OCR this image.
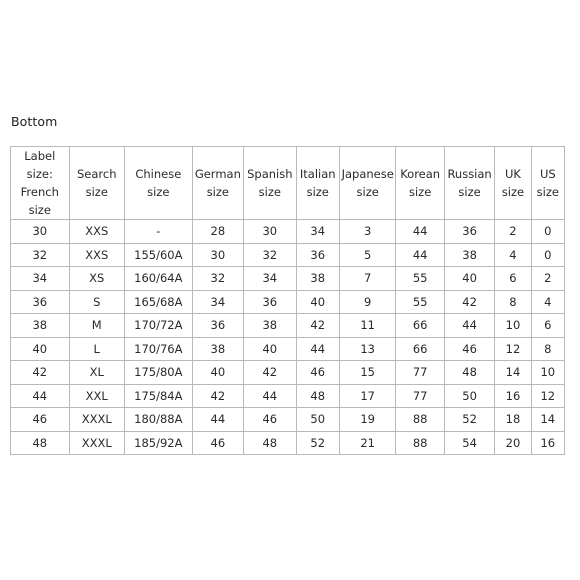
Bottom
Label size: French size	Search size	Chinese size	German size	Spanish size	Italian size	Japanese size	Korean size	Russian size	UK size	US size
30	XXS	-	28	30	34	3	44	36	2	0
32	XXS	155/60A	30	32	36	5	44	38	4	0
34	XS	160/64A	32	34	38	7	55	40	6	2
36	S	165/68A	34	36	40	9	55	42	8	4
38	M	170/72A	36	38	42	11	66	44	10	6
40	L	170/76A	38	40	44	13	66	46	12	8
42	XL	175/80A	40	42	46	15	77	48	14	10
44	XXL	175/84A	42	44	48	17	77	50	16	12
46	XXXL	180/88A	44	46	50	19	88	52	18	14
48	XXXL	185/92A	46	48	52	21	88	54	20	16
